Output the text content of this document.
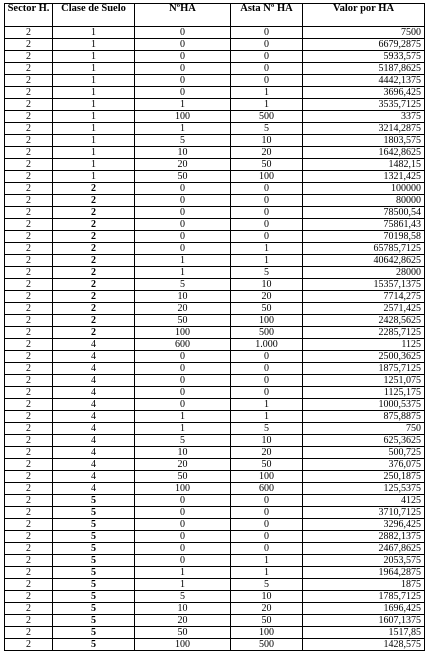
Sector H.	Clase de Suelo	NºHA	Asta Nº HA	Valor por HA
2	1	0	0	7500
2	1	0	0	6679,2875
2	1	0	0	5933,575
2	1	0	0	5187,8625
2	1	0	0	4442,1375
2	1	0	1	3696,425
2	1	1	1	3535,7125
2	1	100	500	3375
2	1	1	5	3214,2875
2	1	5	10	1803,575
2	1	10	20	1642,8625
2	1	20	50	1482,15
2	1	50	100	1321,425
2	2	0	0	100000
2	2	0	0	80000
2	2	0	0	78500,54
2	2	0	0	75861,43
2	2	0	0	70198,58
2	2	0	1	65785,7125
2	2	1	1	40642,8625
2	2	1	5	28000
2	2	5	10	15357,1375
2	2	10	20	7714,275
2	2	20	50	2571,425
2	2	50	100	2428,5625
2	2	100	500	2285,7125
2	4	600	1.000	1125
2	4	0	0	2500,3625
2	4	0	0	1875,7125
2	4	0	0	1251,075
2	4	0	0	1125,175
2	4	0	1	1000,5375
2	4	1	1	875,8875
2	4	1	5	750
2	4	5	10	625,3625
2	4	10	20	500,725
2	4	20	50	376,075
2	4	50	100	250,1875
2	4	100	600	125,5375
2	5	0	0	4125
2	5	0	0	3710,7125
2	5	0	0	3296,425
2	5	0	0	2882,1375
2	5	0	0	2467,8625
2	5	0	1	2053,575
2	5	1	1	1964,2875
2	5	1	5	1875
2	5	5	10	1785,7125
2	5	10	20	1696,425
2	5	20	50	1607,1375
2	5	50	100	1517,85
2	5	100	500	1428,575
